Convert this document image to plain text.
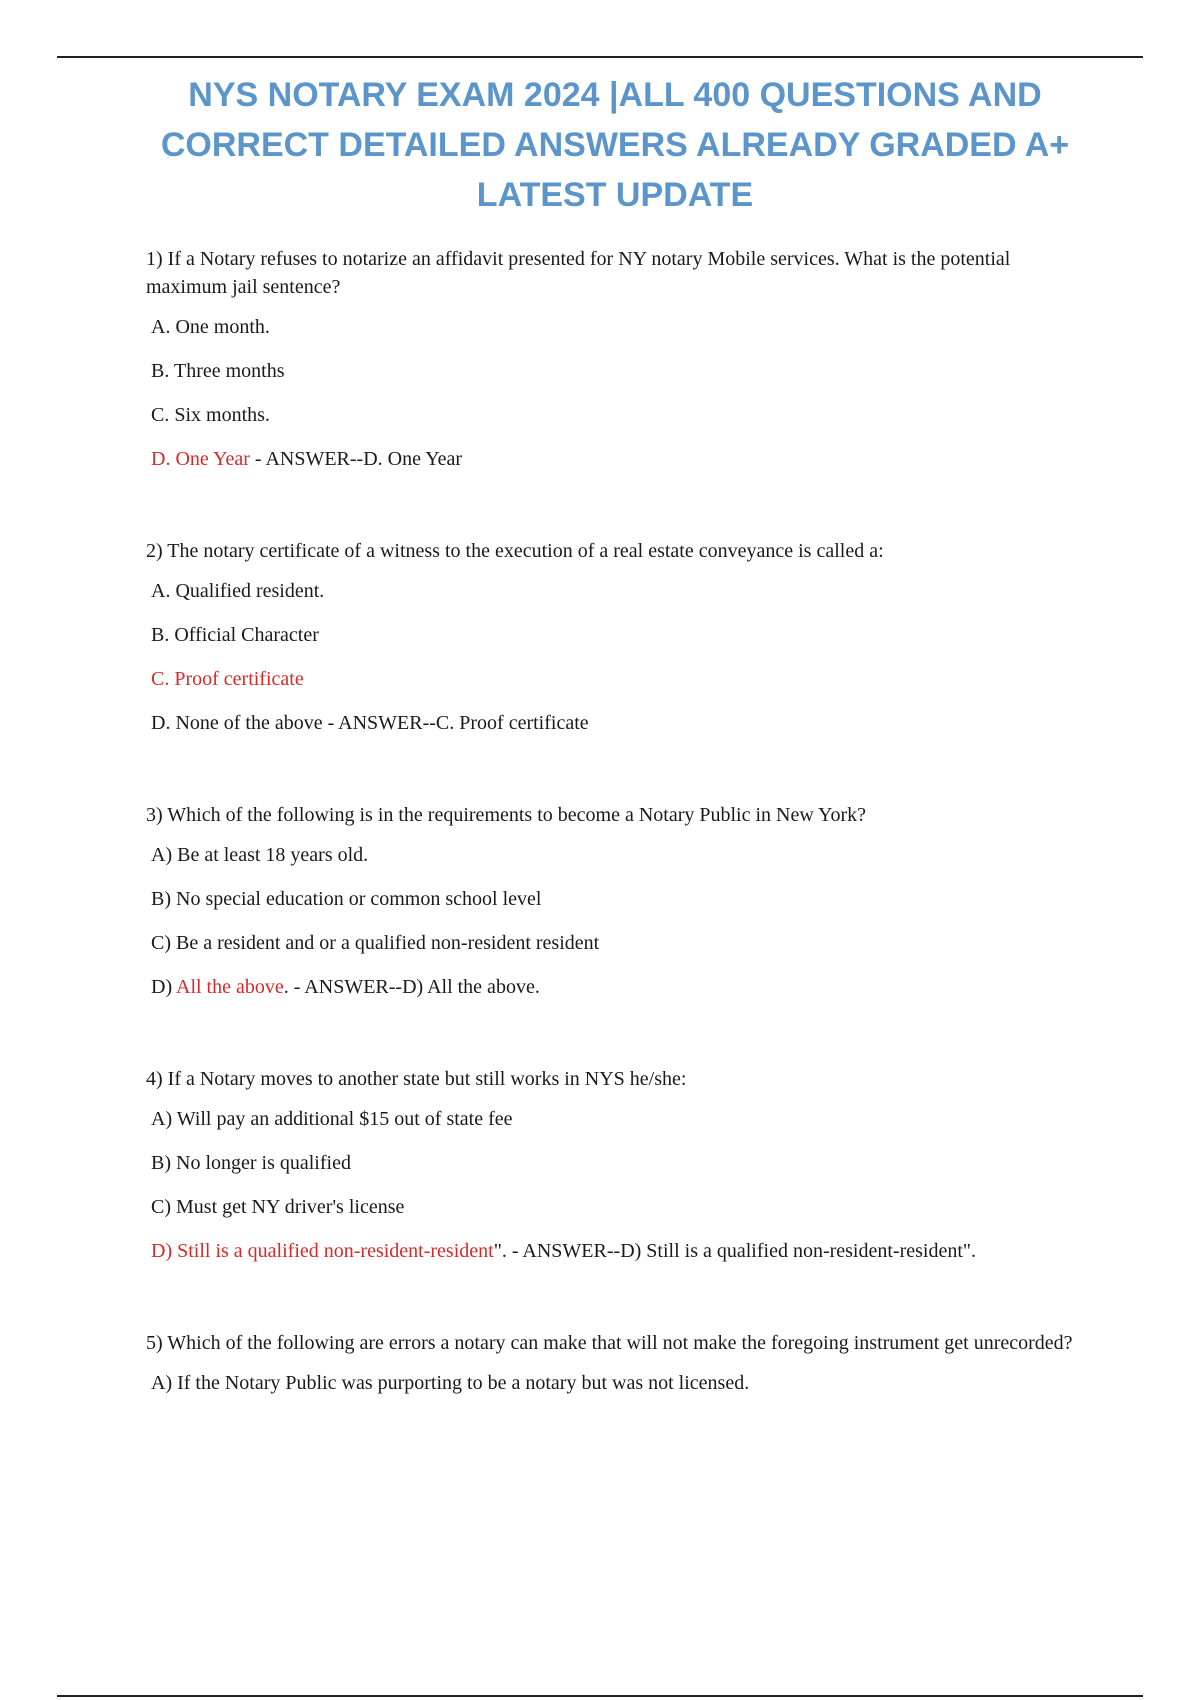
NYS NOTARY EXAM 2024 |ALL 400 QUESTIONS AND
CORRECT DETAILED ANSWERS ALREADY GRADED A+
LATEST UPDATE
1) If a Notary refuses to notarize an affidavit presented for NY notary Mobile services. What is the potential maximum jail sentence?
A. One month.
B. Three months
C. Six months.
D. One Year - ANSWER--D. One Year
2) The notary certificate of a witness to the execution of a real estate conveyance is called a:
A. Qualified resident.
B. Official Character
C. Proof certificate
D. None of the above - ANSWER--C. Proof certificate
3) Which of the following is in the requirements to become a Notary Public in New York?
A) Be at least 18 years old.
B) No special education or common school level
C) Be a resident and or a qualified non-resident resident
D) All the above. - ANSWER--D) All the above.
4) If a Notary moves to another state but still works in NYS he/she:
A) Will pay an additional $15 out of state fee
B) No longer is qualified
C) Must get NY driver's license
D) Still is a qualified non-resident-resident". - ANSWER--D) Still is a qualified non-resident-resident".
5) Which of the following are errors a notary can make that will not make the foregoing instrument get unrecorded?
A) If the Notary Public was purporting to be a notary but was not licensed.
